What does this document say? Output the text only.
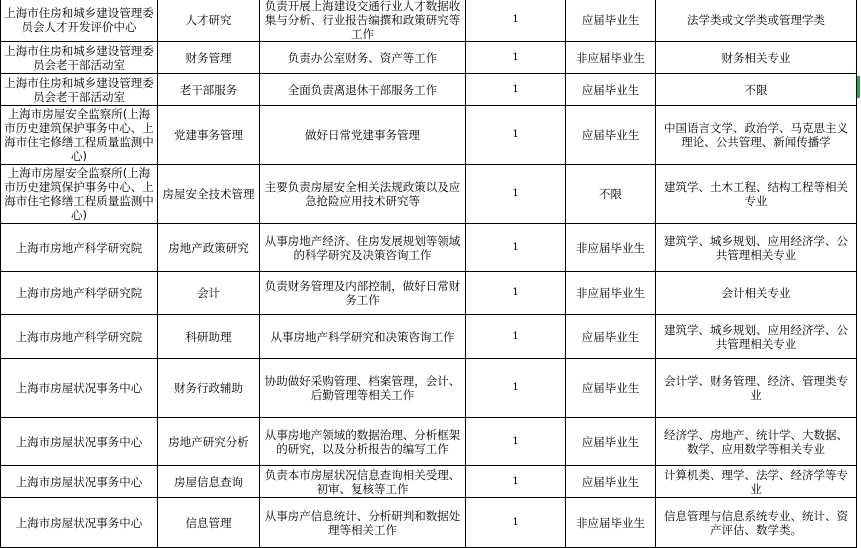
上海市住房和城乡建设管理委员会人才开发评价中心	人才研究	负责开展上海建设交通行业人才数据收集与分析、行业报告编撰和政策研究等工作	1	应届毕业生	法学类或文学类或管理学类
上海市住房和城乡建设管理委员会老干部活动室	财务管理	负责办公室财务、资产等工作	1	非应届毕业生	财务相关专业
上海市住房和城乡建设管理委员会老干部活动室	老干部服务	全面负责离退休干部服务工作	1	应届毕业生	不限
上海市房屋安全监察所(上海市历史建筑保护事务中心、上海市住宅修缮工程质量监测中心)	党建事务管理	做好日常党建事务管理	1	应届毕业生	中国语言文学、政治学、马克思主义理论、公共管理、新闻传播学
上海市房屋安全监察所(上海市历史建筑保护事务中心、上海市住宅修缮工程质量监测中心)	房屋安全技术管理	主要负责房屋安全相关法规政策以及应急抢险应用技术研究等	1	不限	建筑学、土木工程、结构工程等相关专业
上海市房地产科学研究院	房地产政策研究	从事房地产经济、住房发展规划等领域的科学研究及决策咨询工作	1	非应届毕业生	建筑学、城乡规划、应用经济学、公共管理相关专业
上海市房地产科学研究院	会计	负责财务管理及内部控制，做好日常财务工作	1	非应届毕业生	会计相关专业
上海市房地产科学研究院	科研助理	从事房地产科学研究和决策咨询工作	1	应届毕业生	建筑学、城乡规划、应用经济学、公共管理相关专业
上海市房屋状况事务中心	财务行政辅助	协助做好采购管理、档案管理，会计、后勤管理等相关工作	1	应届毕业生	会计学、财务管理、经济、管理类专业
上海市房屋状况事务中心	房地产研究分析	从事房地产领域的数据治理、分析框架的研究，以及分析报告的编写工作	1	应届毕业生	经济学、房地产、统计学、大数据、数学、应用数学等相关专业
上海市房屋状况事务中心	房屋信息查询	负责本市房屋状况信息查询相关受理、初审、复核等工作	1	应届毕业生	计算机类、理学、法学、经济学等专业
上海市房屋状况事务中心	信息管理	从事房产信息统计、分析研判和数据处理等相关工作	1	非应届毕业生	信息管理与信息系统专业、统计、资产评估、数学类。
